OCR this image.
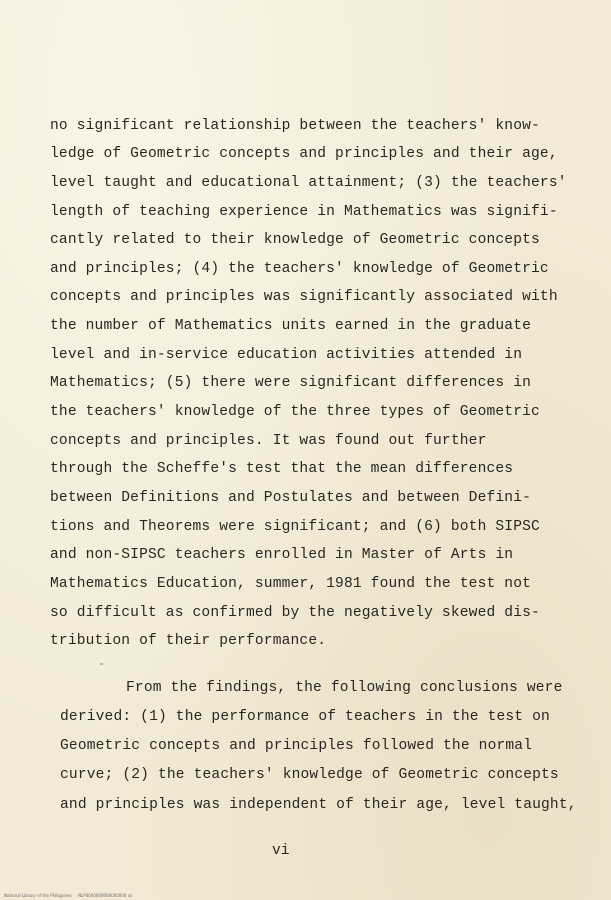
no significant relationship between the teachers' know-
ledge of Geometric concepts and principles and their age,
level taught and educational attainment; (3) the teachers'
length of teaching experience in Mathematics was signifi-
cantly related to their knowledge of Geometric concepts
and principles; (4) the teachers' knowledge of Geometric
concepts and principles was significantly associated with
the number of Mathematics units earned in the graduate
level and in-service education activities attended in
Mathematics; (5) there were significant differences in
the teachers' knowledge of the three types of Geometric
concepts and principles. It was found out further
through the Scheffe's test that the mean differences
between Definitions and Postulates and between Defini-
tions and Theorems were significant; and (6) both SIPSC
and non-SIPSC teachers enrolled in Master of Arts in
Mathematics Education, summer, 1981 found the test not
so difficult as confirmed by the negatively skewed dis-
tribution of their performance.
From the findings, the following conclusions were
derived: (1) the performance of teachers in the test on
Geometric concepts and principles followed the normal
curve; (2) the teachers' knowledge of Geometric concepts
and principles was independent of their age, level taught,
vi
National Library of the Philippines     NLP0000000000000000 vii
